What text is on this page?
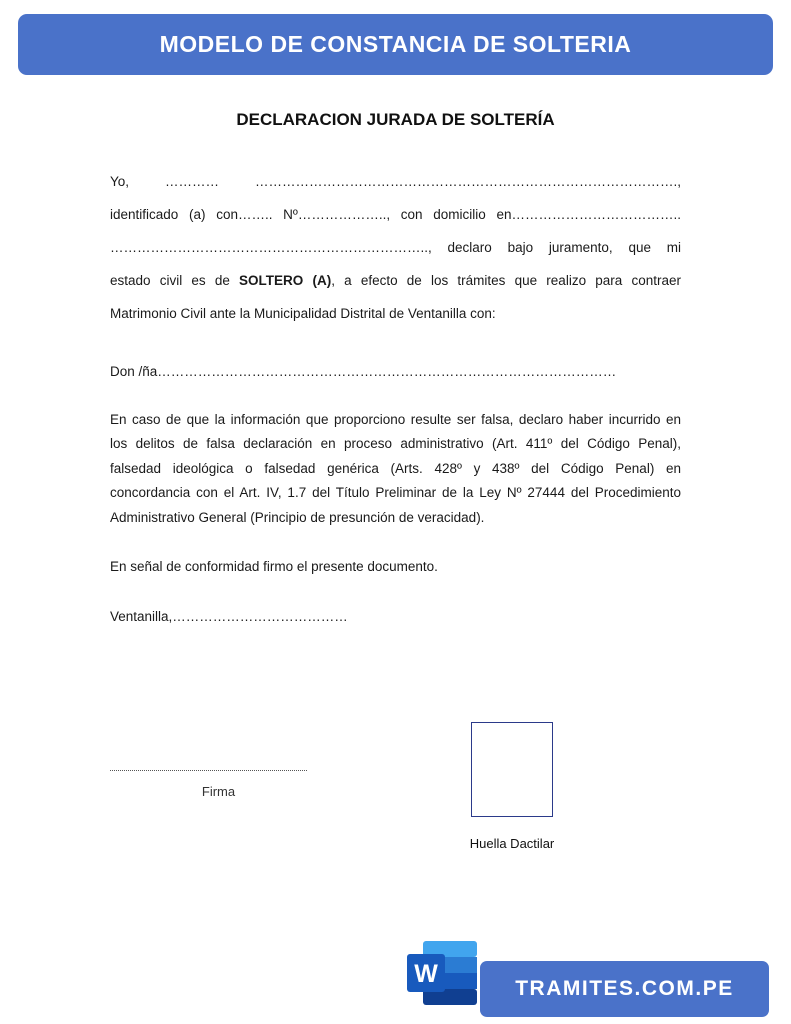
MODELO DE CONSTANCIA DE SOLTERIA
DECLARACION JURADA DE SOLTERÍA
Yo, ………… ………………………………………………………………………………….,
identificado (a) con…….. Nº……………….., con domicilio en………………………………..
…………………………………………………………….., declaro bajo juramento, que mi
estado civil es de SOLTERO (A), a efecto de los trámites que realizo para contraer
Matrimonio Civil ante la Municipalidad Distrital de Ventanilla con:
Don /ña…………………………………………………………………………………………
En caso de que la información que proporciono resulte ser falsa, declaro haber incurrido en
los delitos de falsa declaración en proceso administrativo (Art. 411º del Código Penal),
falsedad ideológica o falsedad genérica (Arts. 428º y 438º del Código Penal) en
concordancia con el Art. IV, 1.7 del Título Preliminar de la Ley Nº 27444 del Procedimiento
Administrativo General (Principio de presunción de veracidad).
En señal de conformidad firmo el presente documento.
Ventanilla,…………………………………
Firma
Huella Dactilar
W
TRAMITES.COM.PE
